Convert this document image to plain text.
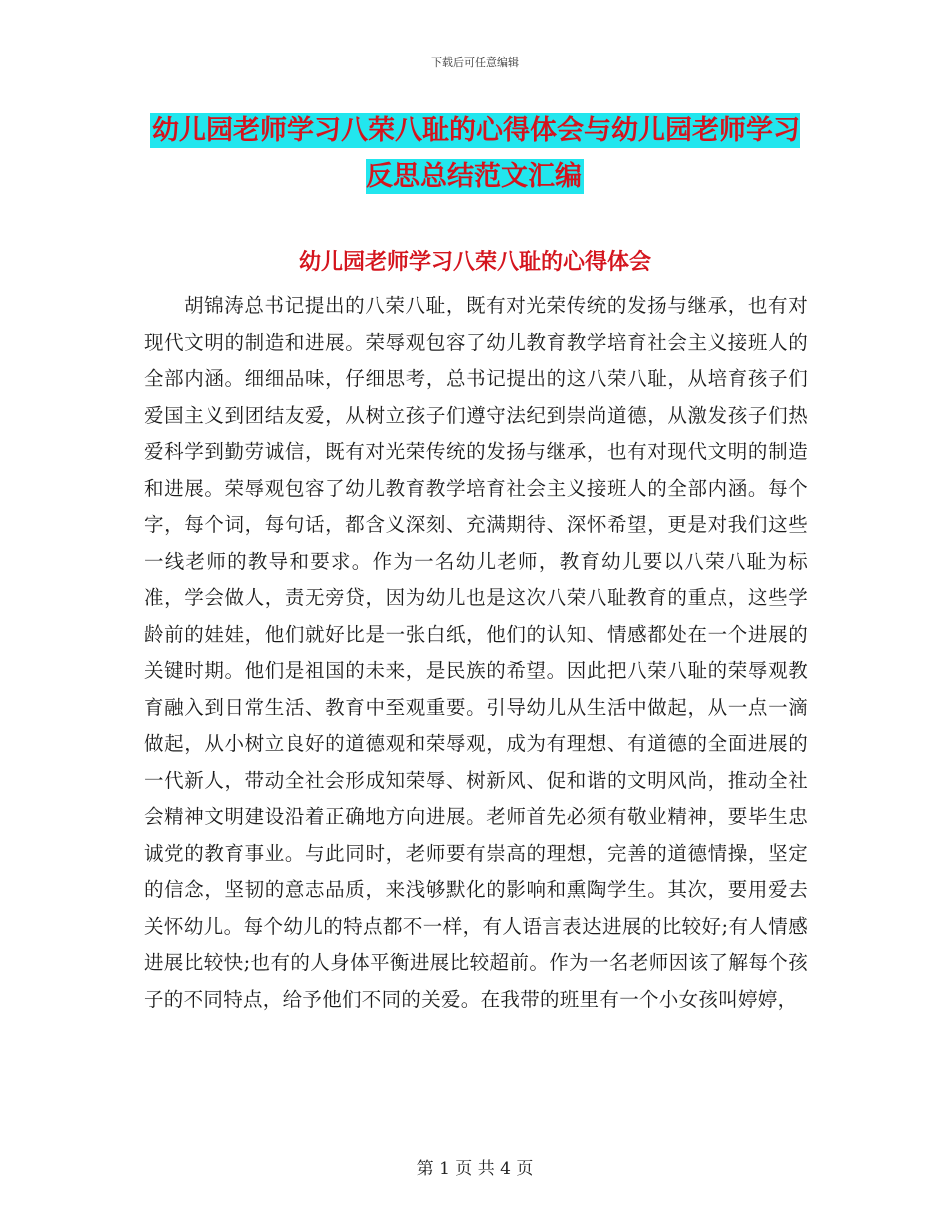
下载后可任意编辑
幼儿园老师学习八荣八耻的心得体会与幼儿园老师学习反思总结范文汇编
幼儿园老师学习八荣八耻的心得体会
胡锦涛总书记提出的八荣八耻，既有对光荣传统的发扬与继承，也有对现代文明的制造和进展。荣辱观包容了幼儿教育教学培育社会主义接班人的全部内涵。细细品味，仔细思考，总书记提出的这八荣八耻，从培育孩子们爱国主义到团结友爱，从树立孩子们遵守法纪到崇尚道德，从激发孩子们热爱科学到勤劳诚信，既有对光荣传统的发扬与继承，也有对现代文明的制造和进展。荣辱观包容了幼儿教育教学培育社会主义接班人的全部内涵。每个字，每个词，每句话，都含义深刻、充满期待、深怀希望，更是对我们这些一线老师的教导和要求。作为一名幼儿老师，教育幼儿要以八荣八耻为标准，学会做人，责无旁贷，因为幼儿也是这次八荣八耻教育的重点，这些学龄前的娃娃，他们就好比是一张白纸，他们的认知、情感都处在一个进展的关键时期。他们是祖国的未来，是民族的希望。因此把八荣八耻的荣辱观教育融入到日常生活、教育中至观重要。引导幼儿从生活中做起，从一点一滴做起，从小树立良好的道德观和荣辱观，成为有理想、有道德的全面进展的一代新人，带动全社会形成知荣辱、树新风、促和谐的文明风尚，推动全社会精神文明建设沿着正确地方向进展。老师首先必须有敬业精神，要毕生忠诚党的教育事业。与此同时，老师要有崇高的理想，完善的道德情操，坚定的信念，坚韧的意志品质，来浅够默化的影响和熏陶学生。其次，要用爱去关怀幼儿。每个幼儿的特点都不一样，有人语言表达进展的比较好;有人情感进展比较快;也有的人身体平衡进展比较超前。作为一名老师因该了解每个孩子的不同特点，给予他们不同的关爱。在我带的班里有一个小女孩叫婷婷，
第 1 页 共 4 页
